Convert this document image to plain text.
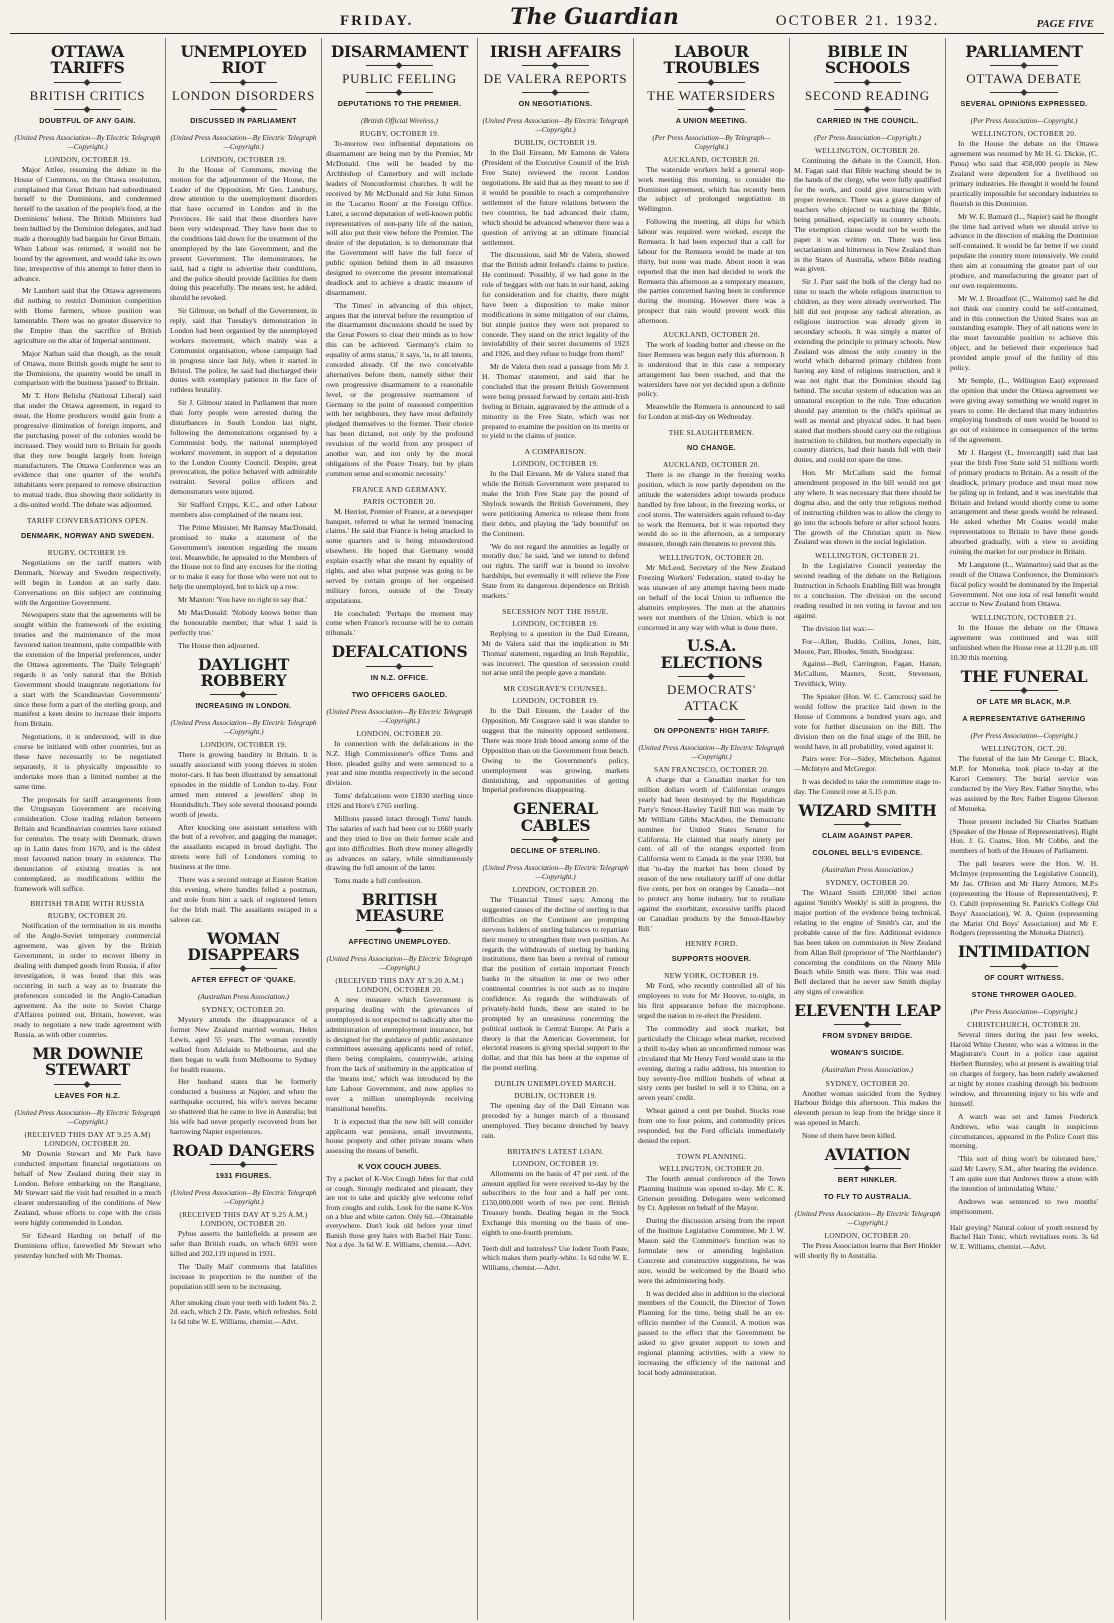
FRIDAY.	The Guardian	OCTOBER 21. 1932.	PAGE FIVE
OTTAWA TARIFFS
BRITISH CRITICS
DOUBTFUL OF ANY GAIN.
(United Press Association—By Electric Telegraph—Copyright.)
LONDON, OCTOBER 19.

Major Attlee, resuming the debate in the House of Commons, on the Ottawa resolution, complained that Great Britain had subordinated herself to the Dominions, and condemned herself to the taxation of the people's food, at the Dominions' behest. The British Ministers had been bullied by the Dominion delegates, and had made a thoroughly bad bargain for Great Britain. When Labour was returned, it would not be bound by the agreement, and would take its own line, irrespective of this attempt to fetter them in advance.

Mr Lambert said that the Ottawa agreements did nothing to restrict Dominion competition with Home farmers, whose position was lamentable. There was no greater disservice to the Empire than the sacrifice of British agriculture on the altar of Imperial sentiment.

Major Nathan said that though, as the result of Ottawa, more British goods might be sent to the Dominions, the quantity would be small in comparison with the business 'passed' to Britain.

Mr T. Hore Belisha (National Liberal) said that under the Ottawa agreement, in regard to meat, the Home producers would gain from a progressive diminution of foreign imports, and the purchasing power of the colonies would be increased. They would turn to Britain for goods that they now bought largely from foreign manufacturers. The Ottawa Conference was an evidence that one quarter of the world's inhabitants were prepared to remove obstruction to mutual trade, thus showing their solidarity in a dis-united world. The debate was adjourned.

TARIFF CONVERSATIONS OPEN.
DENMARK, NORWAY AND SWEDEN.
RUGBY, OCTOBER 19.

Negotiations on the tariff matters with Denmark, Norway and Sweden respectively, will begin in London at an early date. Conversations on this subject are continuing with the Argentine Government.

Newspapers state that the agreements will be sought within the framework of the existing treaties and the maintenance of the most favoured nation treatment, quite compatible with the extension of the Imperial preferences, under the Ottawa agreements. The 'Daily Telegraph' regards it as 'only natural that the British Government should inaugurate negotiations for a start with the Scandinavian Governments' since these form a part of the sterling group, and manifest a keen desire to increase their imports from Britain.

Negotiations, it is understood, will in due course be initiated with other countries, but as these have necessarily to be negotiated separately, it is physically impossible to undertake more than a limited number at the same time.

The proposals for tariff arrangements from the Uruguayan Government are receiving consideration. Close trading relation between Britain and Scandinavian countries have existed for centuries. The treaty with Denmark, drawn up in Latin dates from 1670, and is the oldest most favoured nation treaty in existence. The denunciation of existing treaties is not contemplated, as modifications within the framework will suffice.

BRITISH TRADE WITH RUSSIA
RUGBY, OCTOBER 20.

Notification of the termination in six months of the Anglo-Soviet temporary commercial agreement, was given by the British Government, in order to recover liberty in dealing with dumped goods from Russia, if after investigation, it was found that this was occurring in such a way as to frustrate the preferences conceded in the Anglo-Canadian agreement. As the note to Soviet Charge d'Affaires pointed out, Britain, however, was ready to negotiate a new trade agreement with Russia, as with other countries.

MR DOWNIE STEWART
LEAVES FOR N.Z.
(United Press Association—By Electric Telegraph—Copyright.)
(RECEIVED THIS DAY AT 9.25 A.M) LONDON, OCTOBER 20.

Mr Downie Stewart and Mr Park have conducted important financial negotiations on behalf of New Zealand during their stay in London. Before embarking on the Rangitane, Mr Stewart said the visit had resulted in a much clearer understanding of the conditions of New Zealand, whose efforts to cope with the crisis were highly commended in London.

Sir Edward Harding on behalf of the Dominions office, farewelled Mr Stewart who yesterday lunched with Mr Thomas.

UNEMPLOYED RIOT
LONDON DISORDERS
DISCUSSED IN PARLIAMENT
(United Press Association—By Electric Telegraph—Copyright.)
LONDON, OCTOBER 19.

In the House of Commons, moving the motion for the adjournment of the House, the Leader of the Opposition, Mr Geo. Lansbury, drew attention to the unemployment disorders that have occurred in London and in the Provinces. He said that these disorders have been very widespread. They have been due to the conditions laid down for the treatment of the unemployed by the late Government, and the present Government. The demonstrators, he said, had a right to advertise their conditions, and the police should provide facilities for them doing this peacefully. The means test, he added, should be revoked.

Sir Gilmour, on behalf of the Government, in reply, said that Tuesday's demonstration in London had been organised by the unemployed workers movement, which mainly was a Communist organisation, whose campaign had in progress since last July, when it started in Bristol. The police, he said had discharged their duties with exemplary patience in the face of ruthless brutality.

Sir J. Gilmour stated in Parliament that more than forty people were arrested during the disturbances in South London last night, following the demonstrations organised by a Communist body, the national unemployed workers' movement, in support of a deputation to the London County Council. Despite, great provocation, the police behaved with admirable restraint. Several police officers and demonstrators were injured.

Sir Stafford Cripps, K.C., and other Labour members also complained of the means test.

The Prime Minister, Mr Ramsay MacDonald, promised to make a statement of the Government's intention regarding the means test. Meanwhile, he appealed to the Members of the House not to find any excuses for the rioting or to make it easy for those who were not out to help the unemployed, but to kick up a row.

Mr Maxton: 'You have no right to say that.'

Mr MacDonald: 'Nobody knows better than the honourable member, that what I said is perfectly true.'

The House then adjourned.

DAYLIGHT ROBBERY
INCREASING IN LONDON.
(United Press Association—By Electric Telegraph—Copyright.)
LONDON, OCTOBER 19.

There is growing banditry in Britain. It is usually associated with young thieves in stolen motor-cars. It has been illustrated by sensational episodes in the middle of London to-day. Four armed men entered a jewellers' shop in Houndsditch. They sole several thousand pounds worth of jewels.

After knocking one assistant senseless with the butt of a revolver, and gagging the manager, the assailants escaped in broad daylight. The streets were full of Londoners coming to business at the time.

There was a second outrage at Euston Station this evening, where bandits felled a postman, and stole from him a sack of registered letters for the Irish mail. The assailants escaped in a saloon car.

WOMAN DISAPPEARS
AFTER EFFECT OF 'QUAKE.
(Australian Press Association.)
SYDNEY, OCTOBER 20.

Mystery attends the disappearance of a former New Zealand married woman, Helen Lewis, aged 55 years. The woman recently walked from Adelaide to Melbourne, and she then began to walk from Melbourne to Sydney for health reasons.

Her husband states that he formerly conducted a business at Napier, and when the earthquake occurred, his wife's nerves became so shattered that he came to live in Australia; but his wife had never properly recovered from her harrowing Napier experiences.

ROAD DANGERS
1931 FIGURES.
(United Press Association—By Electric Telegraph—Copyright.)
(RECEIVED THIS DAY AT 9.25 A.M.) LONDON, OCTOBER 20.

Pybus asserts the battlefields at present are safer than British roads, on which 6691 were killed and 202,119 injured in 1931.

The 'Daily Mail' comments that fatalities increase in proportion to the number of the population still seen to be increasing.

After smoking clean your teeth with Iodent No. 2, 2d. each, which 2 Dr. Paste, which refreshes. Sold 1s 6d tube W. E. Williams, chemist.—Advt.
DISARMAMENT
PUBLIC FEELING
DEPUTATIONS TO THE PREMIER.
(British Official Wireless.)
RUGBY, OCTOBER 19.

To-morrow two influential deputations on disarmament are being met by the Premier, Mr McDonald. One will be headed by the Archbishop of Canterbury and will include leaders of Nonconformist churches. It will be received by Mr McDonald and Sir John Simon in the 'Locarno Room' at the Foreign Office. Later, a second deputation of well-known public representatives of non-party life of the nation, will also put their view before the Premier. The desire of the deputation, is to demonstrate that the Government will have the full force of public opinion behind them in all measures designed to overcome the present international deadlock and to achieve a drastic measure of disarmament.

'The Times' in advancing of this object, argues that the interval before the resumption of the disarmament discussions should be used by the Great Powers to clear their minds as to how this can be achieved. 'Germany's claim to equality of arms status,' it says, 'is, to all intents, conceded already. Of the two conceivable alternatives before them, namely either their own progressive disarmament to a reasonable level, or the progressive rearmament of Germany to the point of reasoned competition with her neighbours, they have most definitely pledged themselves to the former. Their choice has been dictated, not only by the profound revulsion of the world from any prospect of another war, and not only by the moral obligations of the Peace Treaty, but by plain common sense and economic necessity.'

FRANCE AND GERMANY.
PARIS OCTOBER 20.

M. Herriot, Premier of France, at a newspaper banquet, referred to what he termed 'menacing claims.' He said that France is being attacked in some quarters and is being misunderstood elsewhere. He hoped that Germany would explain exactly what she meant by equality of rights, and also what purpose was going to be served by certain groups of her organised military forces, outside of the Treaty stipulations.

He concluded: 'Perhaps the moment may come when France's recourse will be to certain tribunals.'

DEFALCATIONS
IN N.Z. OFFICE.
TWO OFFICERS GAOLED.
(United Press Association—By Electric Telegraph—Copyright.)
LONDON, OCTOBER 20.

In connection with the defalcations in the N.Z. High Commissioner's office Toms and Hore, pleaded guilty and were sentenced to a year and nine months respectively in the second division.

Toms' defalcations were £1830 sterling since 1926 and Hore's £765 sterling.

Millions passed intact through Toms' hands. The salaries of each had been cut to £660 yearly and they tried to live on their former scale and got into difficulties. Both drew money allegedly as advances on salary, while simultaneously drawing the full amount of the latter.

Toms made a full confession.

BRITISH MEASURE
AFFECTING UNEMPLOYED.
(United Press Association—By Electric Telegraph—Copyright.)
(RECEIVED THIS DAY AT 9.20 A.M.) LONDON, OCTOBER 20.

A new measure which Government is preparing dealing with the grievances of unemployed is not expected to radically alter the administration of unemployment insurance, but is designed for the guidance of public assistance committees assessing applicants need of relief, there being complaints, countrywide, arising from the lack of uniformity in the application of the 'means test,' which was introduced by the late Labour Government, and now applies to over a million unemployeds receiving transitional benefits.

It is expected that the new bill will consider applicants war pensions, small investments, house property and other private means when assessing the means of benefit.

K VOX COUCH JUBES.
Try a packet of K-Vox Cough Jubes for that cold or cough. Strongly medicated and pleasant, they are not to take and quickly give welcome relief from coughs and colds. Look for the name K-Vox on a blue and white carton. Only 6d.—Obtainable everywhere. Don't look old before your time! Banish those grey hairs with Bachel Hair Tonic. Not a dye. 3s 6d W. E. Williams, chemist.—Advt.
IRISH AFFAIRS
DE VALERA REPORTS
ON NEGOTIATIONS.
(United Press Association—By Electric Telegraph—Copyright.)
DUBLIN, OCTOBER 19.

In the Dail Eireann, Mr Eamonn de Valera (President of the Executive Council of the Irish Free State) reviewed the recent London negotiations. He said that as they meant to see if it would be possible to reach a comprehensive settlement of the future relations between the two countries, he had advanced their claim, which should be advanced whenever there was a question of arriving at an ultimate financial settlement.

The discussions, said Mr de Valera, showed that the British admit Ireland's claims to justice. He continued: 'Possibly, if we had gone in the role of beggars with our hats in our hand, asking for consideration and for charity, there might have been a disposition to make minor modifications in some mitigation of our claims, but simple justice they were not prepared to concede. They stand on the strict legality of the inviolability of their secret documents of 1923 and 1926, and they refuse to budge from them!'

Mr de Valera then read a passage from Mr J. H. Thomas' statement, and said that he concluded that the present British Government were being pressed forward by certain anti-Irish feeling in Britain, aggravated by the attitude of a minority in the Free State, which was not prepared to examine the position on its merits or to yield to the claims of justice.

A COMPARISON.
LONDON, OCTOBER 19.

In the Dail Eireann, Mr de Valera stated that while the British Government were prepared to make the Irish Free State pay the pound of Shylock towards the British Government, they were petitioning America to release them from their debts, and playing the 'lady bountiful' on the Continent.

'We do not regard the annuities as legally or morally due,' he said, 'and we intend to defend our rights. The tariff war is bound to involve hardships, but eventually it will relieve the Free State from its dangerous dependence on British markets.'

SECESSION NOT THE ISSUE.
LONDON, OCTOBER 19.

Replying to a question in the Dail Eireann, Mr de Valera said that the implication in Mr Thomas' statement, regarding an Irish Republic, was incorrect. The question of secession could not arise until the people gave a mandate.

MR COSGRAVE'S COUNSEL.
LONDON, OCTOBER 19.

In the Dail Eireann, the Leader of the Opposition, Mr Cosgrave said it was slander to suggest that the minority opposed settlement. There was more Irish blood among some of the Opposition than on the Government front bench. Owing to the Government's policy, unemployment was growing, markets diminishing, and opportunities of getting Imperial preferences disappearing.

GENERAL CABLES
DECLINE OF STERLING.
(United Press Association—By Electric Telegraph—Copyright.)
LONDON, OCTOBER 20.

The 'Financial Times' says: Among the suggested causes of the decline of sterling is that difficulties on the Continent are prompting nervous holders of sterling balances to repatriate their money to strengthen their own position. As regards the withdrawals of sterling by banking institutions, there has been a revival of rumour that the position of certain important French banks in the situation in one or two other continental countries is not such as to inspire confidence. As regards the withdrawals of privately-held funds, these are stated to be prompted by an uneasiness concerning the political outlook in Central Europe. At Paris a theory is that the American Government, for electoral reasons is giving special support to the dollar, and that this has been at the expense of the pound sterling.

DUBLIN UNEMPLOYED MARCH.
DUBLIN, OCTOBER 19.

The opening day of the Dail Eireann was preceded by a hunger march of a thousand unemployed. They became drenched by heavy rain.

BRITAIN'S LATEST LOAN.
LONDON, OCTOBER 19.

Allotments on the basis of 47 per cent. of the amount applied for were received to-day by the subscribers to the four and a half per cent. £150,000,000 worth of two per cent. British Treasury bonds. Dealing began in the Stock Exchange this morning on the basis of one-eighth to one-fourth premium.

Teeth dull and lustreless? Use Iodent Tooth Paste, which makes them pearly-white. 1s 6d tube W. E. Williams, chemist.—Advt.
LABOUR TROUBLES
THE WATERSIDERS
A UNION MEETING.
(Per Press Association—By Telegraph—Copyright.)
AUCKLAND, OCTOBER 20.

The waterside workers held a general stop-work meeting this morning, to consider the Dominion agreement, which has recently been the subject of prolonged negotiation in Wellington.

Following the meeting, all ships for which labour was required were worked, except the Remuera. It had been expected that a call for labour for the Remuera would be made at ten thirty, but none was made. About noon it was reported that the men had decided to work the Remuera this afternoon as a temporary measure, the parties concerned having been in conference during the morning. However there was a prospect that rain would prevent work this afternoon.

AUCKLAND, OCTOBER 20.

The work of loading butter and cheese on the liner Remuera was begun early this afternoon. It is understood that in this case a temporary arrangement has been reached, and that the watersiders have not yet decided upon a definite policy.

Meanwhile the Remuera is announced to sail for London at mid-day on Wednesday.

THE SLAUGHTERMEN.
NO CHANGE.
AUCKLAND, OCTOBER 20.

There is no change in the freezing works position, which is now partly dependent on the attitude the watersiders adopt towards produce handled by free labour, in the freezing works, or cool stores. The watersiders again refused to-day to work the Remuera, but it was reported they would do so in the afternoon, as a temporary measure, though rain threatens to prevent this.

WELLINGTON, OCTOBER 20.

Mr McLeod, Secretary of the New Zealand Freezing Workers' Federation, stated to-day he was unaware of any attempt having been made on behalf of the local Union to influence the abattoirs employees. The men at the abattoirs were not members of the Union, which is not concerned in any way with what is done there.

U.S.A. ELECTIONS
DEMOCRATS' ATTACK
ON OPPONENTS' HIGH TARIFF.
(United Press Association—By Electric Telegraph—Copyright.)
SAN FRANCISCO, OCTOBER 20.

A charge that a Canadian market for ten million dollars worth of Californian oranges yearly had been destroyed by the Republican Party's Smoot-Hawley Tariff Bill was made by Mr William Gibbs MacAdoo, the Democratic nominee for United States Senator for California. He claimed that nearly ninety per cent. of all of the oranges exported from California went to Canada in the year 1930, but that 'to-day the market has been closed by reason of the new retaliatory tariff of one dollar five cents, per box on oranges by Canada—not to protect any home industry, but to retaliate against the exorbitant, excessive tariffs placed on Canadian products by the Smoot-Hawley Bill.'

HENRY FORD.
SUPPORTS HOOVER.
NEW YORK, OCTOBER 19.

Mr Ford, who recently controlled all of his employees to vote for Mr Hoover, to-night, in his first appearance before the microphone, urged the nation to re-elect the President.

The commodity and stock market, but particularly the Chicago wheat market, received a thrill to-day when an unconfirmed rumour was circulated that Mr Henry Ford would state in the evening, during a radio address, his intention to buy seventy-five million bushels of wheat at sixty cents per bushel to sell it to China, on a seven years' credit.

Wheat gained a cent per bushel. Stocks rose from one to four points, and commodity prices responded, but the Ford officials immediately denied the report.

TOWN PLANNING.
WELLINGTON, OCTOBER 20.

The fourth annual conference of the Town Planning Institute was opened to-day. Mr C. K. Grierson presiding. Delegates were welcomed by Cr. Appleton on behalf of the Mayor.

During the discussion arising from the report of the Institute Legislative Committee, Mr J. W. Mason said the Committee's function was to formulate new or amending legislation. Concrete and constructive suggestions, he was sure, would be welcomed by the Board who were the administering body.

It was decided also in addition to the electoral members of the Council, the Director of Town Planning for the time, being shall be an ex-officio member of the Council. A motion was passed to the effect that the Government be asked to give greater support to town and regional planning activities, with a view to increasing the efficiency of the national and local body administration.

BIBLE IN SCHOOLS
SECOND READING
CARRIED IN THE COUNCIL.
(Per Press Association—Copyright.)
WELLINGTON, OCTOBER 20.

Continuing the debate in the Council, Hon. M. Fagan said that Bible teaching should be in the hands of the clergy, who were fully qualified for the work, and could give instruction with proper reverence. There was a grave danger of teachers who objected to teaching the Bible, being penalised, especially in country schools. The exemption clause would not be worth the paper it was written on. There was less sectarianism and bitterness in New Zealand than in the States of Australia, where Bible reading was given.

Sir J. Parr said the bulk of the clergy had no time to teach the whole religious instruction to children, as they were already overworked. The bill did not propose any radical alteration, as religious instruction was already given in secondary schools. It was simply a matter of extending the principle to primary schools. New Zealand was almost the only country in the world which debarred primary children from having any kind of religious instruction, and it was not right that the Dominion should lag behind. The secular system of education was an unnatural exception to the rule. True education should pay attention to the child's spiritual as well as mental and physical sides. It had been stated that mothers should carry out the religious instruction to children, but mothers especially in country districts, had their hands full with their duties, and could not spare the time.

Hon. Mr McCallum said the formal amendment proposed in the bill would not get any where. It was necessary that there should be dogma also, and the only true religious method of instructing children was to allow the clergy to go into the schools before or after school hours. The growth of the Christian spirit in New Zealand was shown in the social legislation.

WELLINGTON, OCTOBER 21.

In the Legislative Council yesterday the second reading of the debate on the Religious Instruction in Schools Enabling Bill was brought to a conclusion. The division on the second reading resulted in ten voting in favour and ten against.

The division list was:—

For—Allen, Buddo, Collins, Jones, Isitt, Moore, Parr, Rhodes, Smith, Snodgrass.

Against—Bell, Carrington, Fagan, Hanan, McCallum, Masters, Scott, Stevenson, Trevithick, Witty.

The Speaker (Hon. W. C. Carncross) said he would follow the practice laid down in the House of Commons a hundred years ago, and vote for further discussion on the Bill. The division then on the final stage of the Bill, he would have, in all probability, voted against it.

Pairs were: For—Sidey, Mitchelson. Against—McIntyre and McGregor.

It was decided to take the committee stage to-day. The Council rose at 5.15 p.m.

WIZARD SMITH
CLAIM AGAINST PAPER.
COLONEL BELL'S EVIDENCE.
(Australian Press Association.)
SYDNEY, OCTOBER 20.

The Wizard Smith £20,000 libel action against 'Smith's Weekly' is still in progress, the major portion of the evidence being technical, relating to the engine of Smith's car, and the probable cause of the fire. Additional evidence has been taken on commission in New Zealand from Allan Bell (proprietor of 'The Northlander') concerning the conditions on the Ninety Mile Beach while Smith was there. This was read. Bell declared that he never saw Smith display any signs of cowardice.

ELEVENTH LEAP
FROM SYDNEY BRIDGE.
WOMAN'S SUICIDE.
(Australian Press Association.)
SYDNEY, OCTOBER 20.

Another woman suicided from the Sydney Harbour Bridge this afternoon. This makes the eleventh person to leap from the bridge since it was opened in March.

None of them have been killed.

AVIATION
BERT HINKLER.
TO FLY TO AUSTRALIA.
(United Press Association—By Electric Telegraph—Copyright.)
LONDON, OCTOBER 20.

The Press Association learns that Bert Hinkler will shortly fly to Australia.

PARLIAMENT
OTTAWA DEBATE
SEVERAL OPINIONS EXPRESSED.
(Per Press Association—Copyright.)
WELLINGTON, OCTOBER 20.

In the House the debate on the Ottawa agreement was resumed by Mr H. G. Dickie, (C. Patea) who said that 458,000 people in New Zealand were dependent for a livelihood on primary industries. He thought it would be found practically impossible for secondary industries to flourish in this Dominion.

Mr W. E. Barnard (L., Napier) said he thought the time had arrived when we should strive to advance in the direction of making the Dominion self-contained. It would be far better if we could populate the country more intensively. We could then aim at consuming the greater part of our produce, and manufacturing the greater part of our own requirements.

Mr W. J. Broadfoot (C., Waitomo) said he did not think our country could be self-contained, and in this connection the United States was an outstanding example. They of all nations were in the most favourable position to achieve this object, and he believed their experience had provided ample proof of the futility of this policy.

Mr Semple, (L., Wellington East) expressed the opinion that under the Ottawa agreement we were giving away something we would regret in years to come. He declared that many industries employing hundreds of men would be bound to go out of existence in consequence of the terms of the agreement.

Mr J. Hargest (I., Invercargill) said that last year the Irish Free State sold 51 millions worth of primary products to Britain. As a result of the deadlock, primary produce and meat must now be piling up in Ireland, and it was inevitable that Britain and Ireland would shortly come to some arrangement and these goods would be released. He asked whether Mr Coates would make representations to Britain to have these goods absorbed gradually, with a view to avoiding ruining the market for our produce in Britain.

Mr Langstone (L., Waimarino) said that as the result of the Ottawa Conference, the Dominion's fiscal policy would be dominated by the Imperial Government. Not one iota of real benefit would accrue to New Zealand from Ottawa.

WELLINGTON, OCTOBER 21.

In the House the debate on the Ottawa agreement was continued and was still unfinished when the House rose at 11.20 p.m. till 10.30 this morning.

THE FUNERAL
OF LATE MR BLACK, M.P.
A REPRESENTATIVE GATHERING
(Per Press Association—Copyright.)
WELLINGTON, OCT. 20.

The funeral of the late Mr George C. Black, M.P. for Motueka, took place to-day at the Karori Cemetery. The burial service was conducted by the Very Rev. Father Smythe, who was assisted by the Rev. Father Eugene Gleeson of Motueka.

Those present included Sir Charles Statham (Speaker of the House of Representatives), Right Hon. J. G. Coates, Hon. Mr Cobbe, and the members of both of the Houses of Parliament.

The pall bearers were the Hon. W. H. McIntyre (representing the Legislative Council), Mr Jas. O'Brien and Mr Harry Atmore, M.P.s (representing the House of Representatives), P. O. Cahill (representing St. Patrick's College Old Boys' Association), W. A. Quinn (representing the Marist Old Boys' Association) and Mr F. Rodgers (representing the Motueka District).

INTIMIDATION
OF COURT WITNESS.
STONE THROWER GAOLED.
(Per Press Association—Copyright.)
CHRISTCHURCH, OCTOBER 20.

Several times during the past few weeks, Harold White Chester, who was a witness in the Magistrate's Court in a police case against Herbert Burnsley, who at present is awaiting trial on charges of forgery, has been rudely awakened at night by stones crashing through his bedroom window, and threatening injury to his wife and himself.

A watch was set and James Frederick Andrews, who was caught in suspicious circumstances, appeared in the Police Court this morning.

'This sort of thing won't be tolerated here,' said Mr Lawry, S.M., after hearing the evidence. 'I am quite sure that Andrews threw a stone with the intention of intimidating White.'

Andrews was sentenced to two months' imprisonment.

Hair greying? Natural colour of youth restored by Bachel Hair Tonic, which revitalises roots. 3s 6d W. E. Williams, chemist.—Advt.
